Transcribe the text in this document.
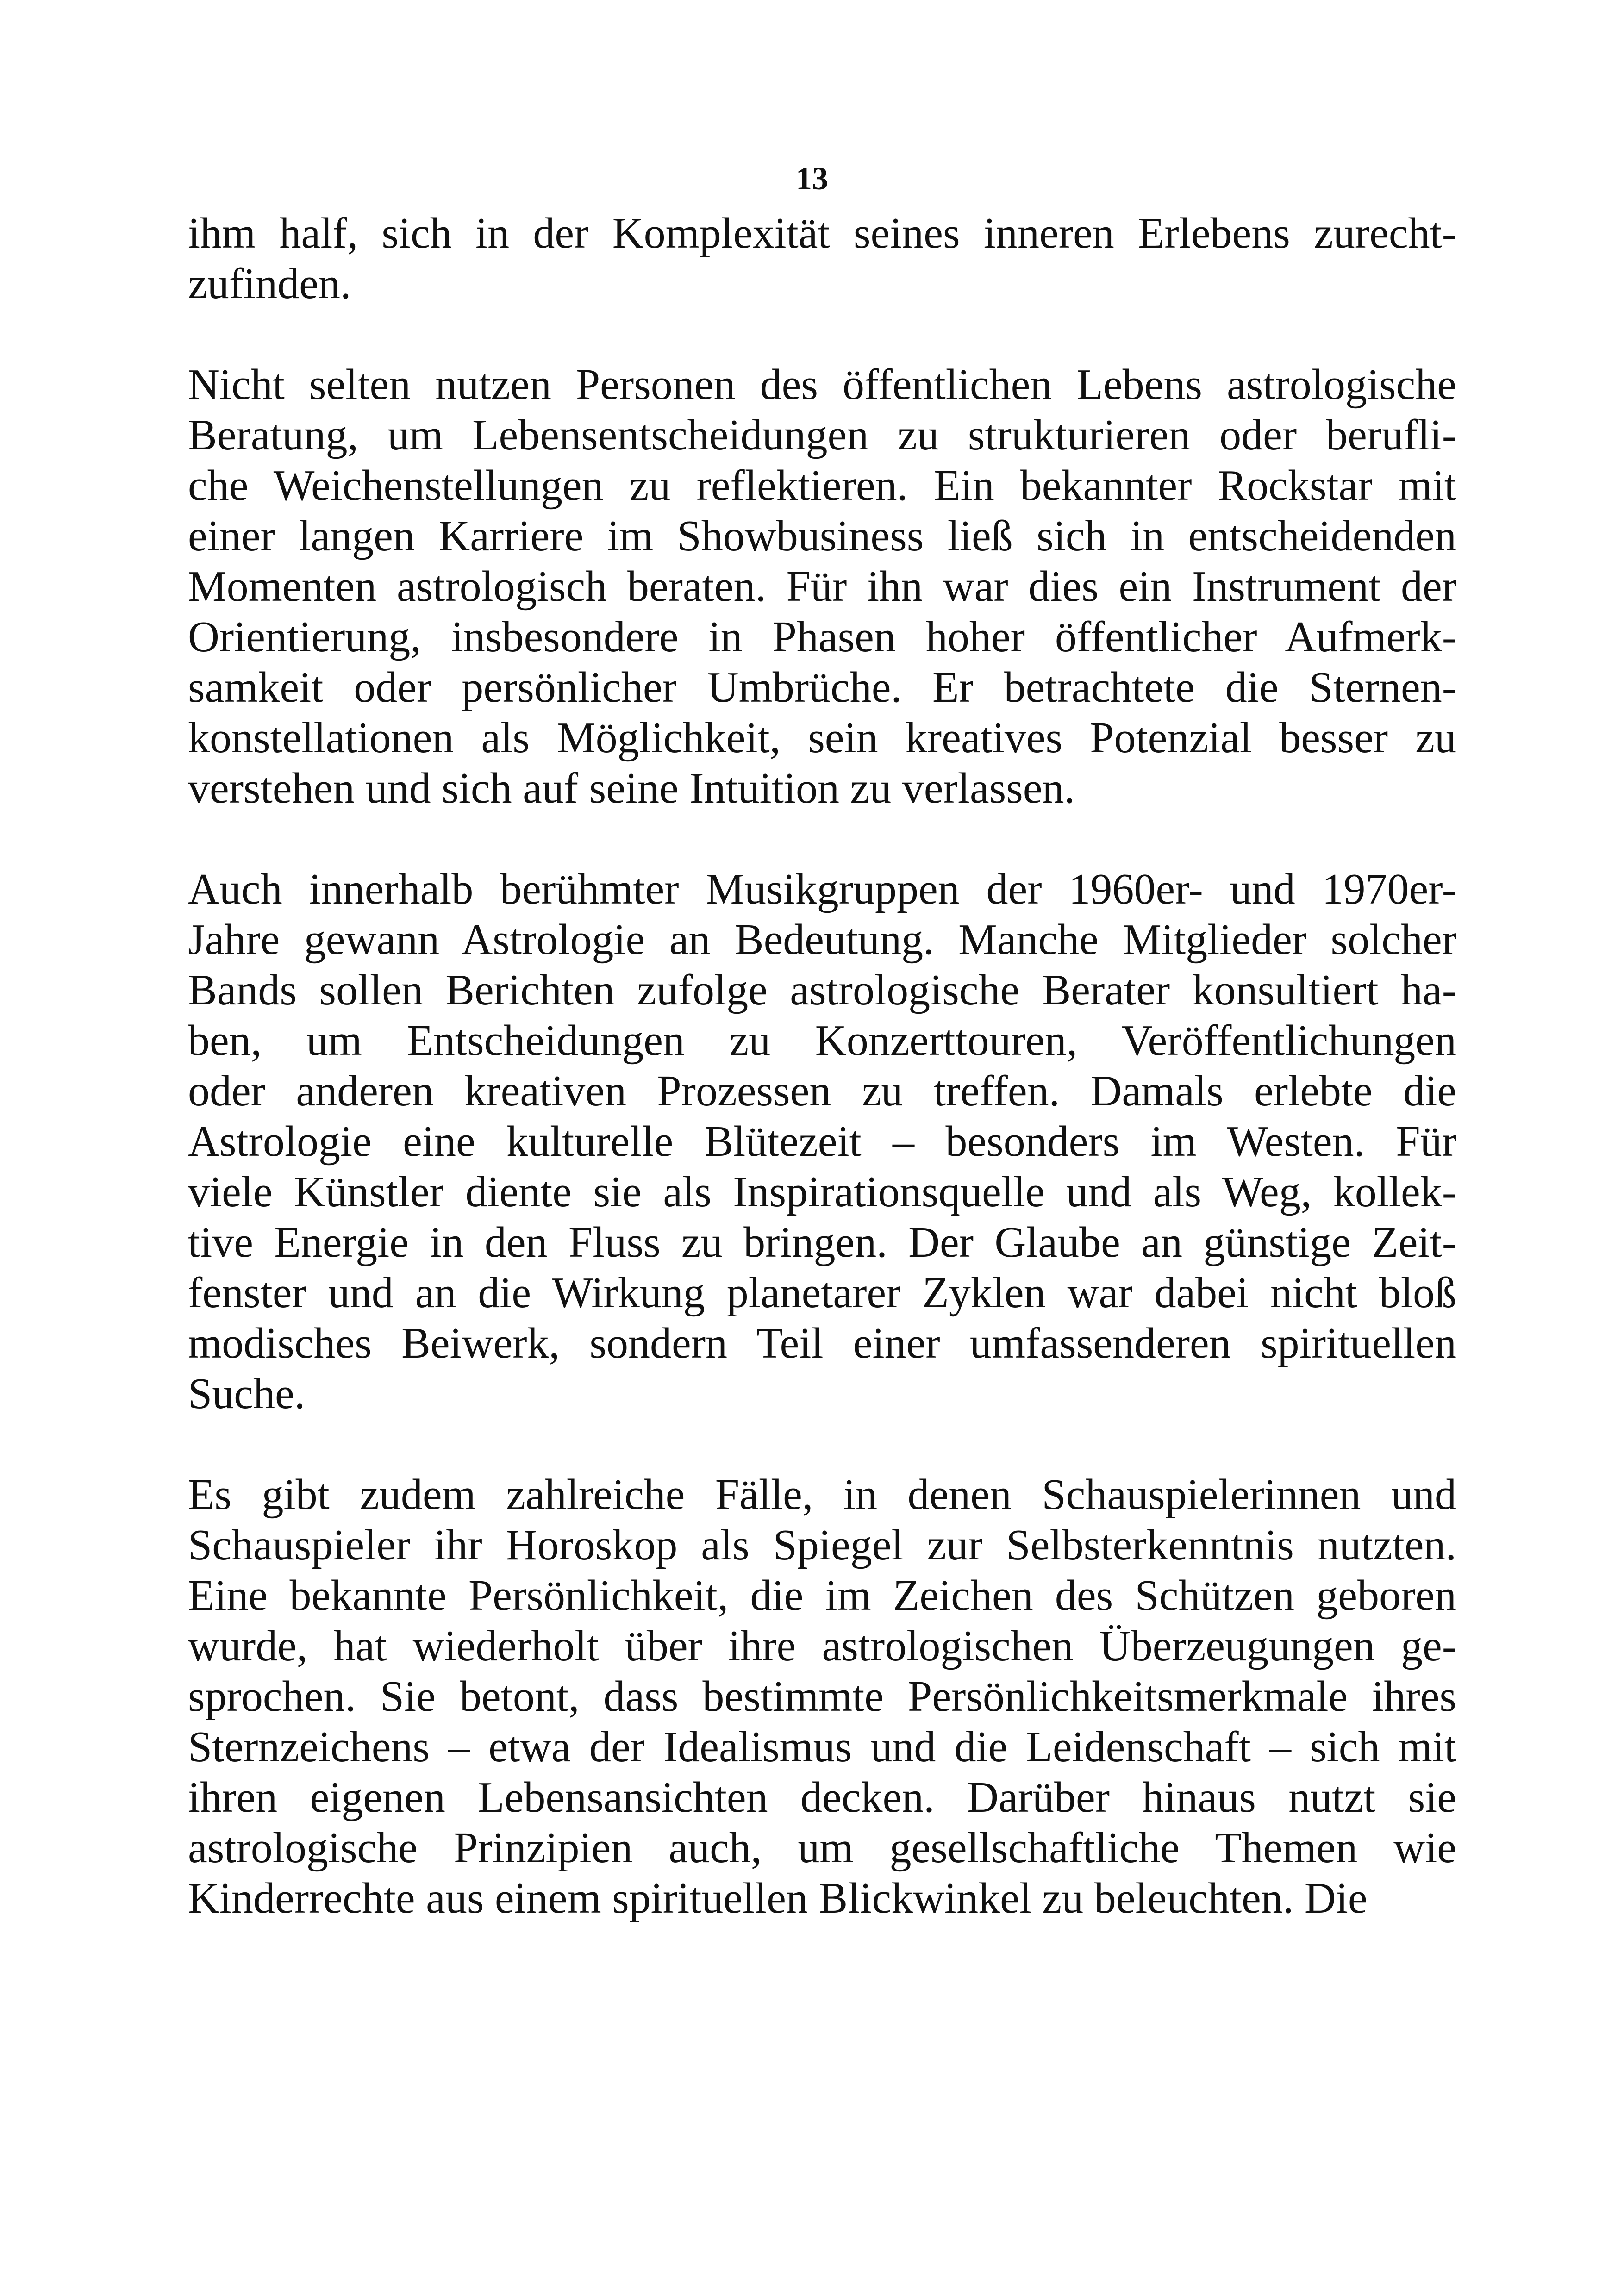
13

ihm half, sich in der Komplexität seines inneren Erlebens zurecht-
zufinden.

Nicht selten nutzen Personen des öffentlichen Lebens astrologische
Beratung, um Lebensentscheidungen zu strukturieren oder berufli-
che Weichenstellungen zu reflektieren. Ein bekannter Rockstar mit
einer langen Karriere im Showbusiness ließ sich in entscheidenden
Momenten astrologisch beraten. Für ihn war dies ein Instrument der
Orientierung, insbesondere in Phasen hoher öffentlicher Aufmerk-
samkeit oder persönlicher Umbrüche. Er betrachtete die Sternen-
konstellationen als Möglichkeit, sein kreatives Potenzial besser zu
verstehen und sich auf seine Intuition zu verlassen.

Auch innerhalb berühmter Musikgruppen der 1960er- und 1970er-
Jahre gewann Astrologie an Bedeutung. Manche Mitglieder solcher
Bands sollen Berichten zufolge astrologische Berater konsultiert ha-
ben, um Entscheidungen zu Konzerttouren, Veröffentlichungen
oder anderen kreativen Prozessen zu treffen. Damals erlebte die
Astrologie eine kulturelle Blütezeit – besonders im Westen. Für
viele Künstler diente sie als Inspirationsquelle und als Weg, kollek-
tive Energie in den Fluss zu bringen. Der Glaube an günstige Zeit-
fenster und an die Wirkung planetarer Zyklen war dabei nicht bloß
modisches Beiwerk, sondern Teil einer umfassenderen spirituellen
Suche.

Es gibt zudem zahlreiche Fälle, in denen Schauspielerinnen und
Schauspieler ihr Horoskop als Spiegel zur Selbsterkenntnis nutzten.
Eine bekannte Persönlichkeit, die im Zeichen des Schützen geboren
wurde, hat wiederholt über ihre astrologischen Überzeugungen ge-
sprochen. Sie betont, dass bestimmte Persönlichkeitsmerkmale ihres
Sternzeichens – etwa der Idealismus und die Leidenschaft – sich mit
ihren eigenen Lebensansichten decken. Darüber hinaus nutzt sie
astrologische Prinzipien auch, um gesellschaftliche Themen wie
Kinderrechte aus einem spirituellen Blickwinkel zu beleuchten. Die
